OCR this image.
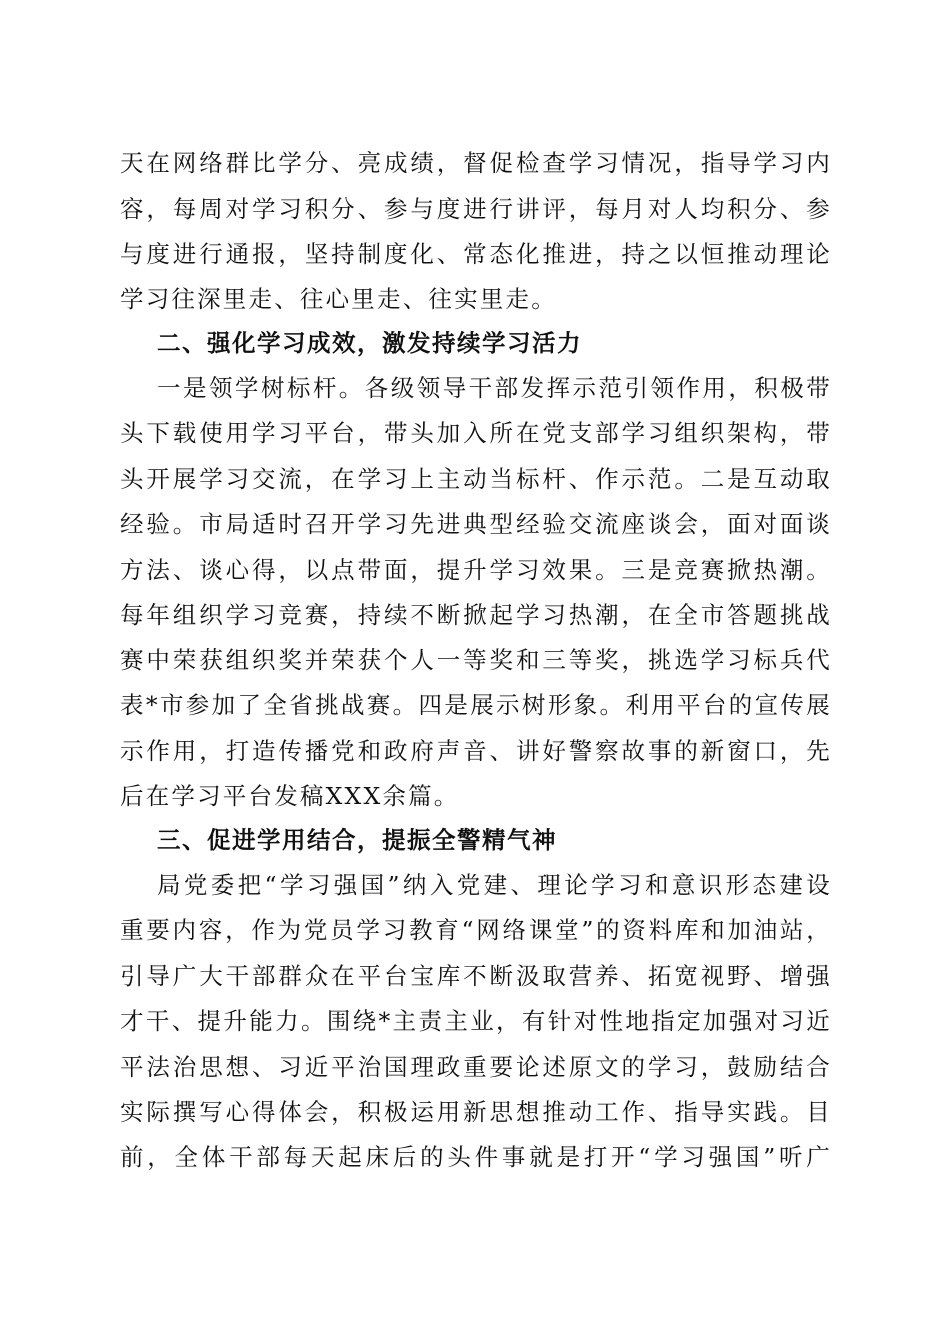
天在网络群比学分、亮成绩，督促检查学习情况，指导学习内
容，每周对学习积分、参与度进行讲评，每月对人均积分、参
与度进行通报，坚持制度化、常态化推进，持之以恒推动理论
学习往深里走、往心里走、往实里走。
二、强化学习成效，激发持续学习活力
一是领学树标杆。各级领导干部发挥示范引领作用，积极带
头下载使用学习平台，带头加入所在党支部学习组织架构，带
头开展学习交流，在学习上主动当标杆、作示范。二是互动取
经验。市局适时召开学习先进典型经验交流座谈会，面对面谈
方法、谈心得，以点带面，提升学习效果。三是竞赛掀热潮。
每年组织学习竞赛，持续不断掀起学习热潮，在全市答题挑战
赛中荣获组织奖并荣获个人一等奖和三等奖，挑选学习标兵代
表*市参加了全省挑战赛。四是展示树形象。利用平台的宣传展
示作用，打造传播党和政府声音、讲好警察故事的新窗口，先
后在学习平台发稿XXX余篇。
三、促进学用结合，提振全警精气神
局党委把“学习强国”纳入党建、理论学习和意识形态建设
重要内容，作为党员学习教育“网络课堂”的资料库和加油站，
引导广大干部群众在平台宝库不断汲取营养、拓宽视野、增强
才干、提升能力。围绕*主责主业，有针对性地指定加强对习近
平法治思想、习近平治国理政重要论述原文的学习，鼓励结合
实际撰写心得体会，积极运用新思想推动工作、指导实践。目
前，全体干部每天起床后的头件事就是打开“学习强国”听广
